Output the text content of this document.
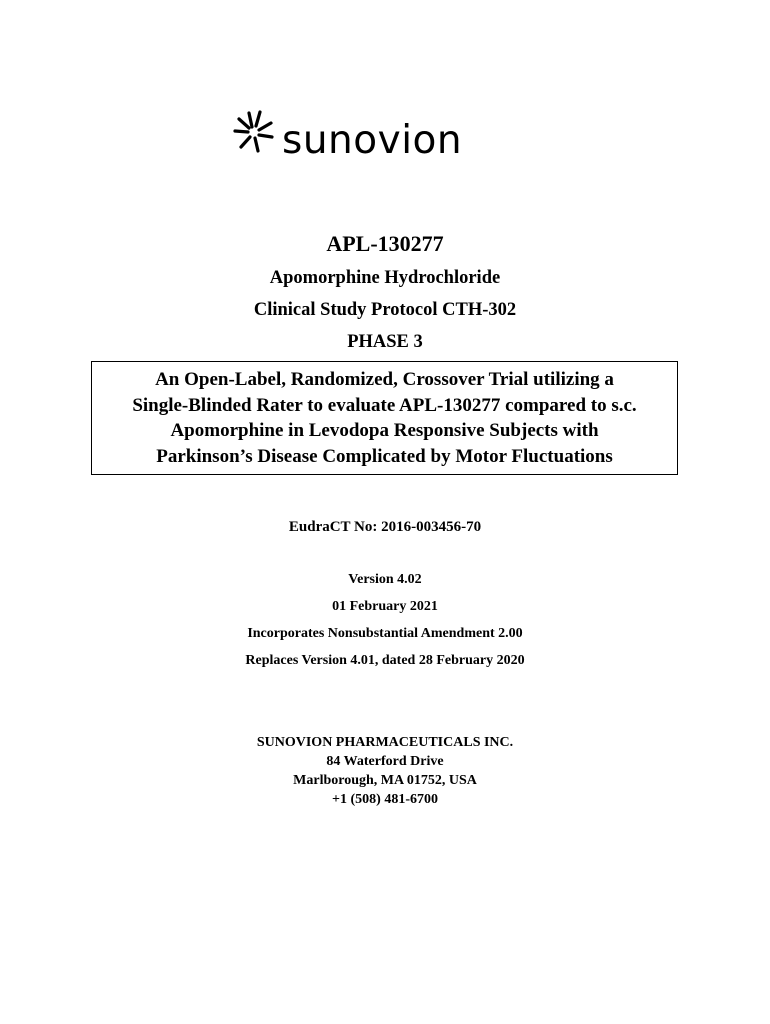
sunovion
APL-130277
Apomorphine Hydrochloride
Clinical Study Protocol CTH-302
PHASE 3
An Open-Label, Randomized, Crossover Trial utilizing a
Single-Blinded Rater to evaluate APL-130277 compared to s.c.
Apomorphine in Levodopa Responsive Subjects with
Parkinson’s Disease Complicated by Motor Fluctuations
EudraCT No: 2016-003456-70
Version 4.02
01 February 2021
Incorporates Nonsubstantial Amendment 2.00
Replaces Version 4.01, dated 28 February 2020
SUNOVION PHARMACEUTICALS INC.
84 Waterford Drive
Marlborough, MA 01752, USA
+1 (508) 481-6700
